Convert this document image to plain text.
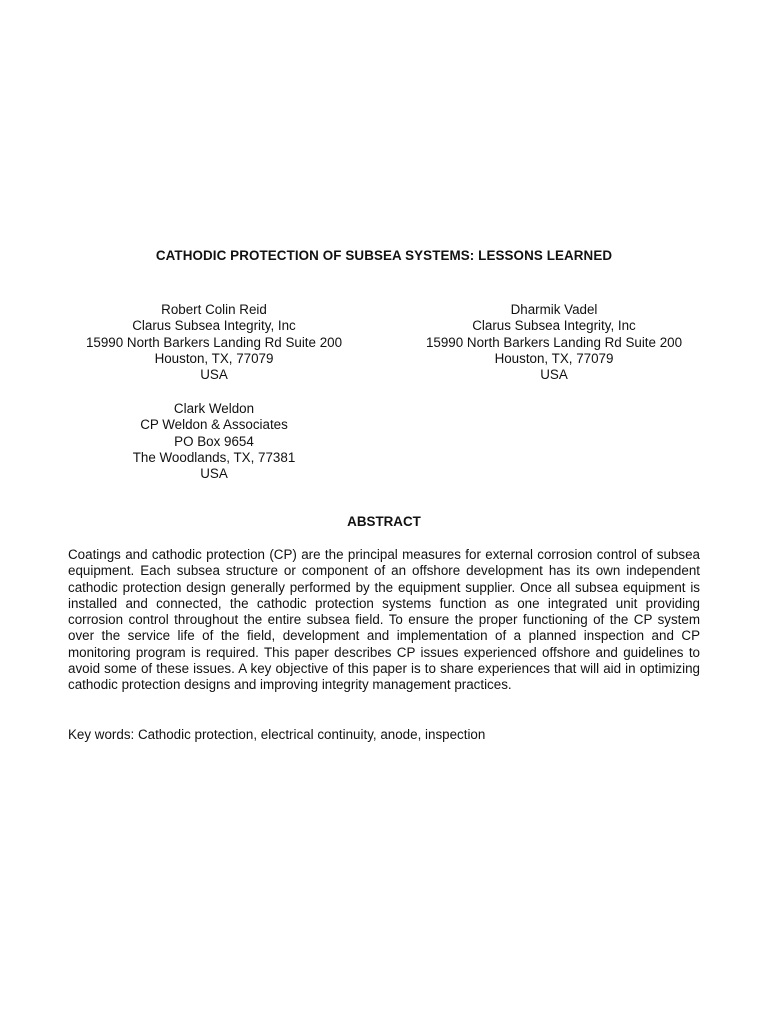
CATHODIC PROTECTION OF SUBSEA SYSTEMS: LESSONS LEARNED
Robert Colin Reid
Clarus Subsea Integrity, Inc
15990 North Barkers Landing Rd Suite 200
Houston, TX, 77079
USA
Dharmik Vadel
Clarus Subsea Integrity, Inc
15990 North Barkers Landing Rd Suite 200
Houston, TX, 77079
USA
Clark Weldon
CP Weldon & Associates
PO Box 9654
The Woodlands, TX, 77381
USA
ABSTRACT

Coatings and cathodic protection (CP) are the principal measures for external corrosion control of subsea equipment. Each subsea structure or component of an offshore development has its own independent cathodic protection design generally performed by the equipment supplier. Once all subsea equipment is installed and connected, the cathodic protection systems function as one integrated unit providing corrosion control throughout the entire subsea field. To ensure the proper functioning of the CP system over the service life of the field, development and implementation of a planned inspection and CP monitoring program is required. This paper describes CP issues experienced offshore and guidelines to avoid some of these issues. A key objective of this paper is to share experiences that will aid in optimizing cathodic protection designs and improving integrity management practices.

Key words: Cathodic protection, electrical continuity, anode, inspection
